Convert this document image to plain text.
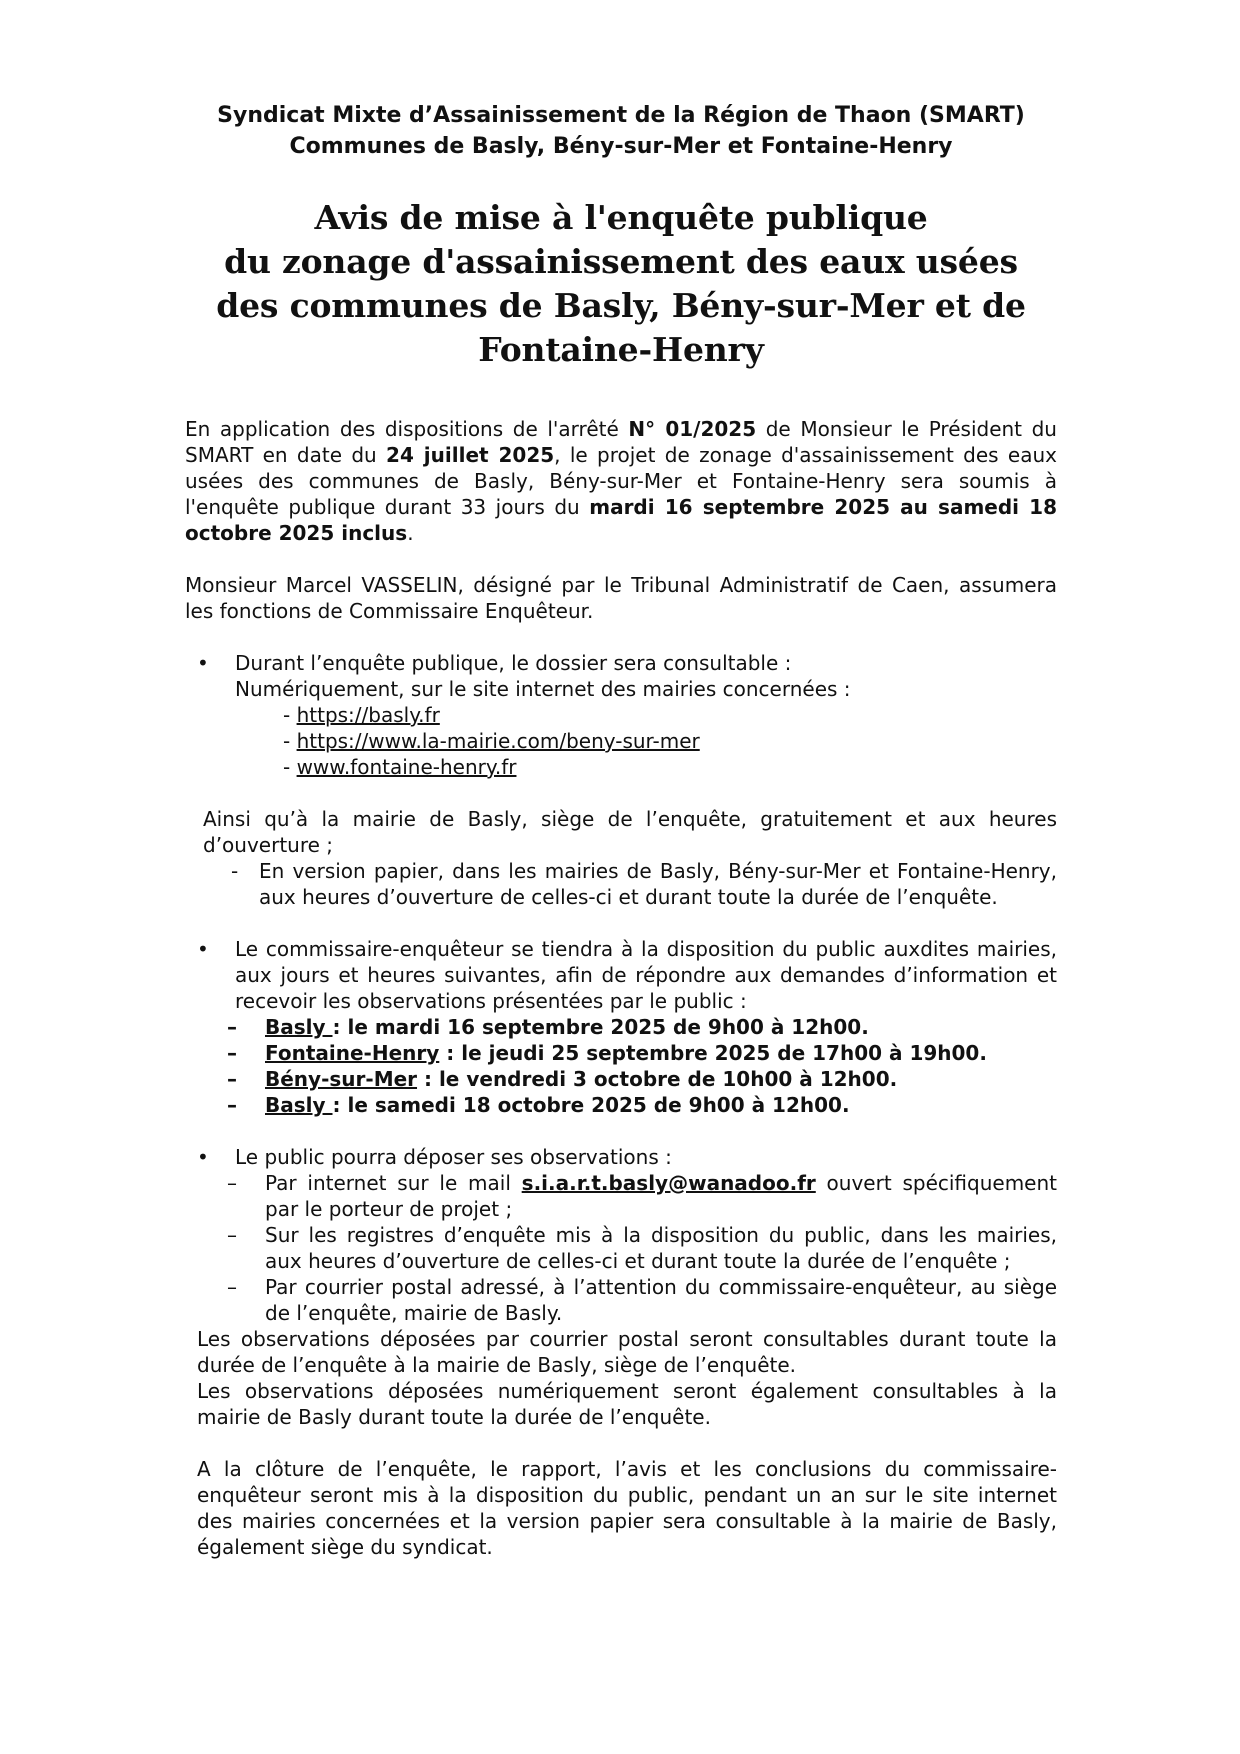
Syndicat Mixte d’Assainissement de la Région de Thaon (SMART)

Communes de Basly, Bény-sur-Mer et Fontaine-Henry

Avis de mise à l'enquête publique
du zonage d'assainissement des eaux usées
des communes de Basly, Bény-sur-Mer et de
Fontaine-Henry

En application des dispositions de l'arrêté N° 01/2025 de Monsieur le Président du SMART en date du 24 juillet 2025, le projet de zonage d'assainissement des eaux usées des communes de Basly, Bény-sur-Mer et Fontaine-Henry sera soumis à l'enquête publique durant 33 jours du mardi 16 septembre 2025 au samedi 18 octobre 2025 inclus.

Monsieur Marcel VASSELIN, désigné par le Tribunal Administratif de Caen, assumera les fonctions de Commissaire Enquêteur.

• Durant l’enquête publique, le dossier sera consultable :
Numériquement, sur le site internet des mairies concernées :
- https://basly.fr
- https://www.la-mairie.com/beny-sur-mer
- www.fontaine-henry.fr

Ainsi qu’à la mairie de Basly, siège de l’enquête, gratuitement et aux heures d’ouverture ;

- En version papier, dans les mairies de Basly, Bény-sur-Mer et Fontaine-Henry, aux heures d’ouverture de celles-ci et durant toute la durée de l’enquête.
• Le commissaire-enquêteur se tiendra à la disposition du public auxdites mairies, aux jours et heures suivantes, afin de répondre aux demandes d’information et recevoir les observations présentées par le public :

– Basly : le mardi 16 septembre 2025 de 9h00 à 12h00.
– Fontaine-Henry : le jeudi 25 septembre 2025 de 17h00 à 19h00.
– Bény-sur-Mer : le vendredi 3 octobre de 10h00 à 12h00.
– Basly : le samedi 18 octobre 2025 de 9h00 à 12h00.
• Le public pourra déposer ses observations :

– Par internet sur le mail s.i.a.r.t.basly@wanadoo.fr ouvert spécifiquement par le porteur de projet ;
– Sur les registres d’enquête mis à la disposition du public, dans les mairies, aux heures d’ouverture de celles-ci et durant toute la durée de l’enquête ;
– Par courrier postal adressé, à l’attention du commissaire-enquêteur, au siège de l’enquête, mairie de Basly.

Les observations déposées par courrier postal seront consultables durant toute la durée de l’enquête à la mairie de Basly, siège de l’enquête.

Les observations déposées numériquement seront également consultables à la mairie de Basly durant toute la durée de l’enquête.

A la clôture de l’enquête, le rapport, l’avis et les conclusions du commissaire-enquêteur seront mis à la disposition du public, pendant un an sur le site internet des mairies concernées et la version papier sera consultable à la mairie de Basly, également siège du syndicat.
